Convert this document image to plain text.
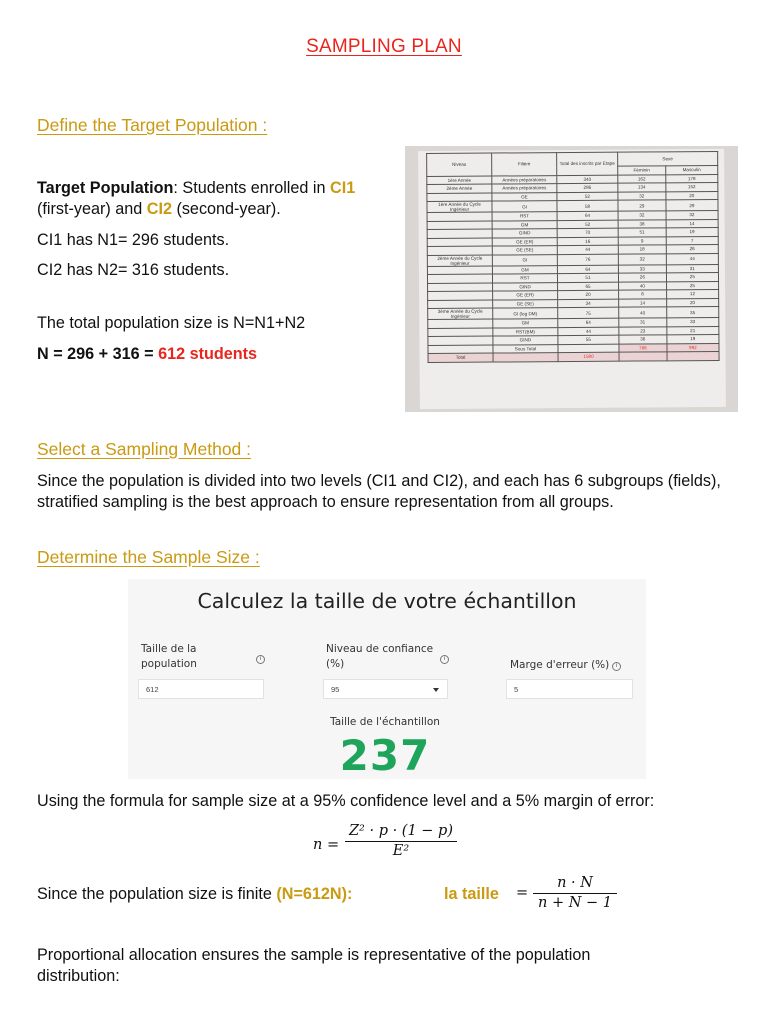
SAMPLING PLAN
Define the Target Population :
Target Population: Students enrolled in CI1
(first-year) and CI2 (second-year).
CI1 has N1= 296 students.
CI2 has N2= 316 students.
The total population size is N=N1+N2
N = 296 + 316 = 612 students
Niveau	Filière	Total des inscrits par Etape	Sexe	
			Féminin	Masculin
1ère Année	Années préparatoires	340	162	178
2ème Année	Années préparatoires	286	134	152
	GE	52	32	20
1ère Année du Cycle Ingénieur	GI	58	29	29
	RST	64	32	32
	GM	52	38	14
	GIND	70	51	19
	GE (ER)	16	9	7
	GE (SE)	44	18	26
2ème Année du Cycle Ingénieur	GI	76	32	44
	GM	64	33	31
	RST	51	26	25
	GIND	65	40	25
	GE (ER)	20	8	12
	GE (SE)	34	14	20
3ème Année du Cycle Ingénieur	GI (log DM)	75	40	35
	GM	64	31	33
	RST(BM)	44	23	21
	GIND	55	36	19
	Sous Total		788	992
Total		1580		
Select a Sampling Method :
Since the population is divided into two levels (CI1 and CI2), and each has 6 subgroups (fields), stratified sampling is the best approach to ensure representation from all groups.
Determine the Sample Size :
Calculez la taille de votre échantillon
Taille de la population	i
612
Niveau de confiance (%)	i
95
Marge d'erreur (%)	i
5
Taille de l'échantillon
237
Using the formula for sample size at a 95% confidence level and a 5% margin of error:
n =
Z² · p · (1 − p)
E²
Since the population size is finite (N=612N):	la taille =
n · N
n + N − 1
Proportional allocation ensures the sample is representative of the population distribution:
